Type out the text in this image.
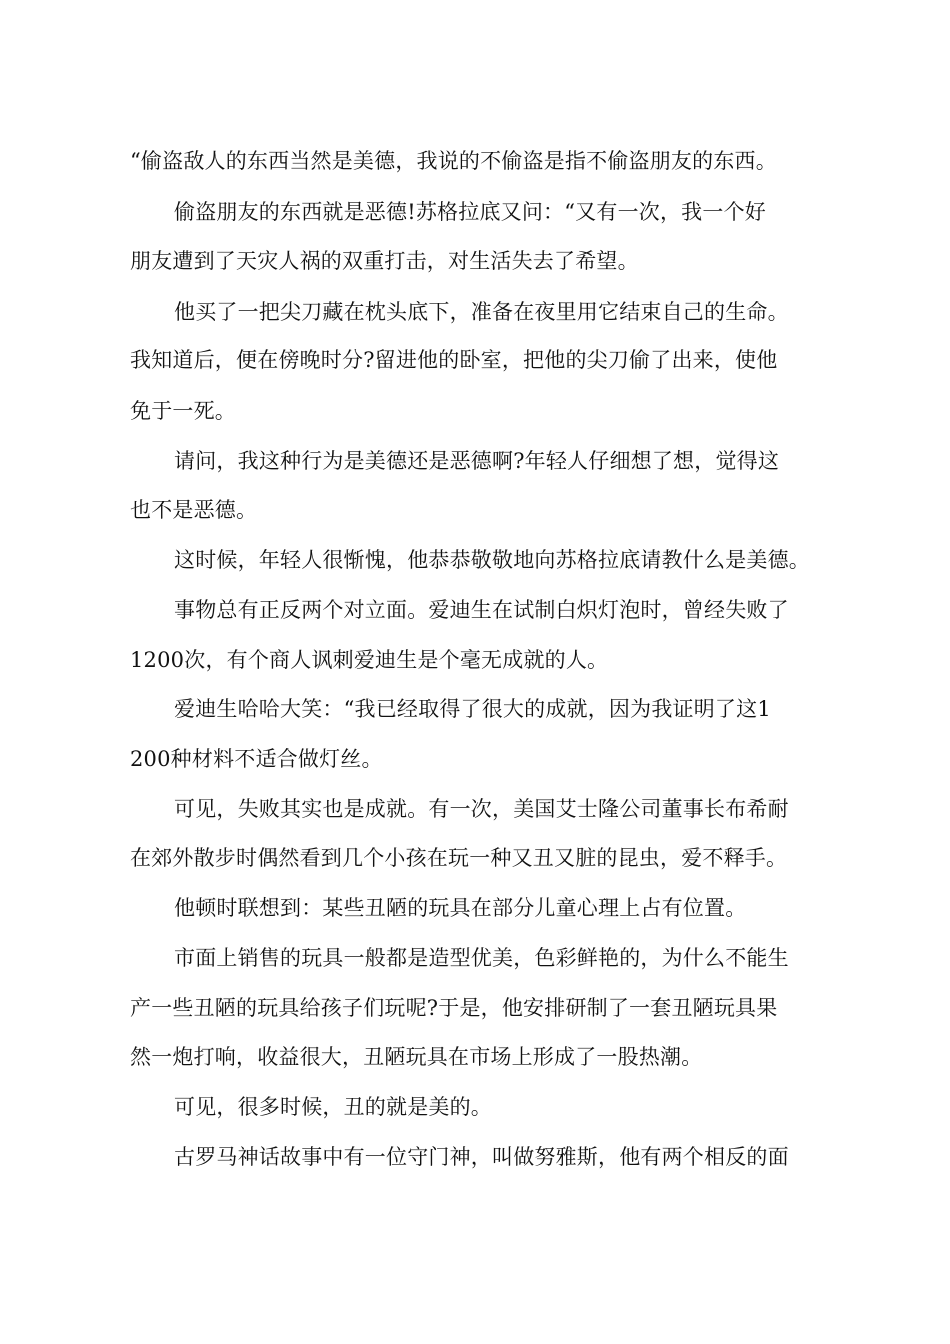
“偷盗敌人的东西当然是美德，我说的不偷盗是指不偷盗朋友的东西。
偷盗朋友的东西就是恶德!苏格拉底又问：“又有一次，我一个好
朋友遭到了天灾人祸的双重打击，对生活失去了希望。
他买了一把尖刀藏在枕头底下，准备在夜里用它结束自己的生命。
我知道后，便在傍晚时分?留进他的卧室，把他的尖刀偷了出来，使他
免于一死。
请问，我这种行为是美德还是恶德啊?年轻人仔细想了想，觉得这
也不是恶德。
这时候，年轻人很惭愧，他恭恭敬敬地向苏格拉底请教什么是美德。
事物总有正反两个对立面。爱迪生在试制白炽灯泡时，曾经失败了
1200次，有个商人讽刺爱迪生是个毫无成就的人。
爱迪生哈哈大笑：“我已经取得了很大的成就，因为我证明了这1
200种材料不适合做灯丝。
可见，失败其实也是成就。有一次，美国艾士隆公司董事长布希耐
在郊外散步时偶然看到几个小孩在玩一种又丑又脏的昆虫，爱不释手。
他顿时联想到：某些丑陋的玩具在部分儿童心理上占有位置。
市面上销售的玩具一般都是造型优美，色彩鲜艳的，为什么不能生
产一些丑陋的玩具给孩子们玩呢?于是，他安排研制了一套丑陋玩具果
然一炮打响，收益很大，丑陋玩具在市场上形成了一股热潮。
可见，很多时候，丑的就是美的。
古罗马神话故事中有一位守门神，叫做努雅斯，他有两个相反的面
